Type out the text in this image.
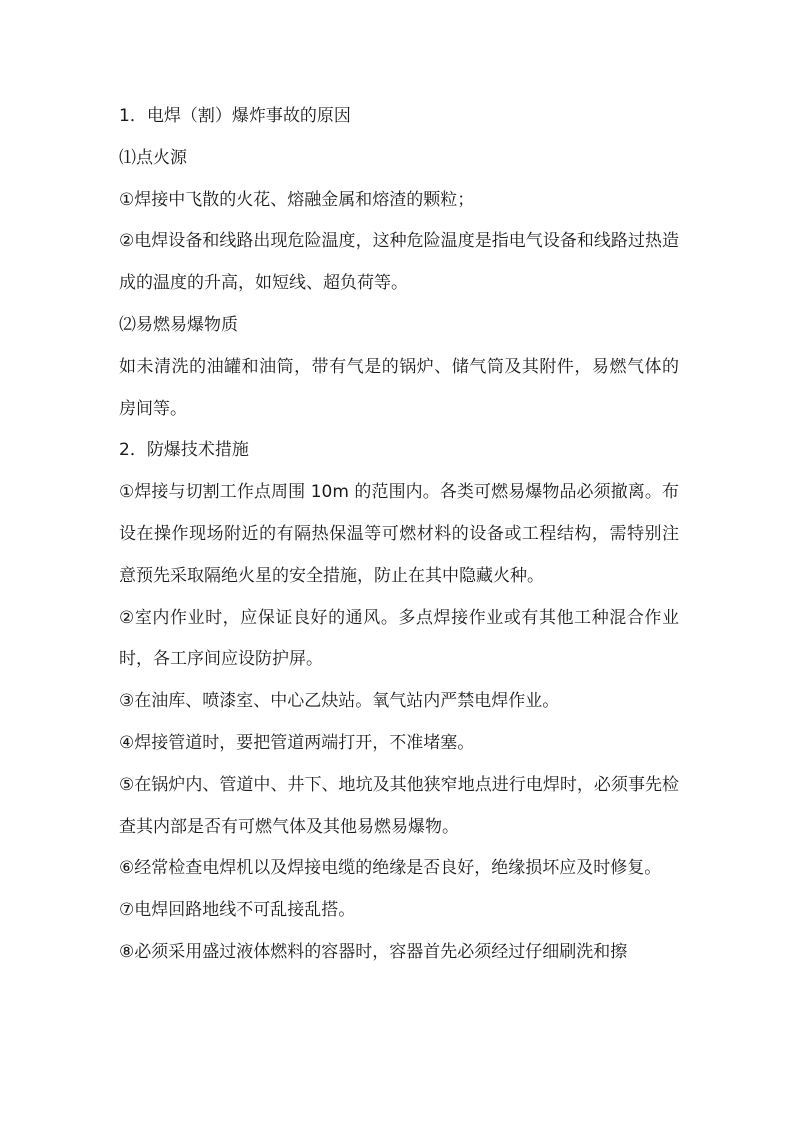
1．电焊（割）爆炸事故的原因

⑴点火源

①焊接中飞散的火花、熔融金属和熔渣的颗粒；

②电焊设备和线路出现危险温度，这种危险温度是指电气设备和线路过热造成的温度的升高，如短线、超负荷等。

⑵易燃易爆物质

如未清洗的油罐和油筒，带有气是的锅炉、储气筒及其附件，易燃气体的房间等。

2．防爆技术措施

①焊接与切割工作点周围 10m 的范围内。各类可燃易爆物品必须撤离。布设在操作现场附近的有隔热保温等可燃材料的设备或工程结构，需特别注意预先采取隔绝火星的安全措施，防止在其中隐藏火种。

②室内作业时，应保证良好的通风。多点焊接作业或有其他工种混合作业时，各工序间应设防护屏。

③在油库、喷漆室、中心乙炔站。氧气站内严禁电焊作业。

④焊接管道时，要把管道两端打开，不准堵塞。

⑤在锅炉内、管道中、井下、地坑及其他狭窄地点进行电焊时，必须事先检查其内部是否有可燃气体及其他易燃易爆物。

⑥经常检查电焊机以及焊接电缆的绝缘是否良好，绝缘损坏应及时修复。

⑦电焊回路地线不可乱接乱搭。

⑧必须采用盛过液体燃料的容器时，容器首先必须经过仔细刷洗和擦
